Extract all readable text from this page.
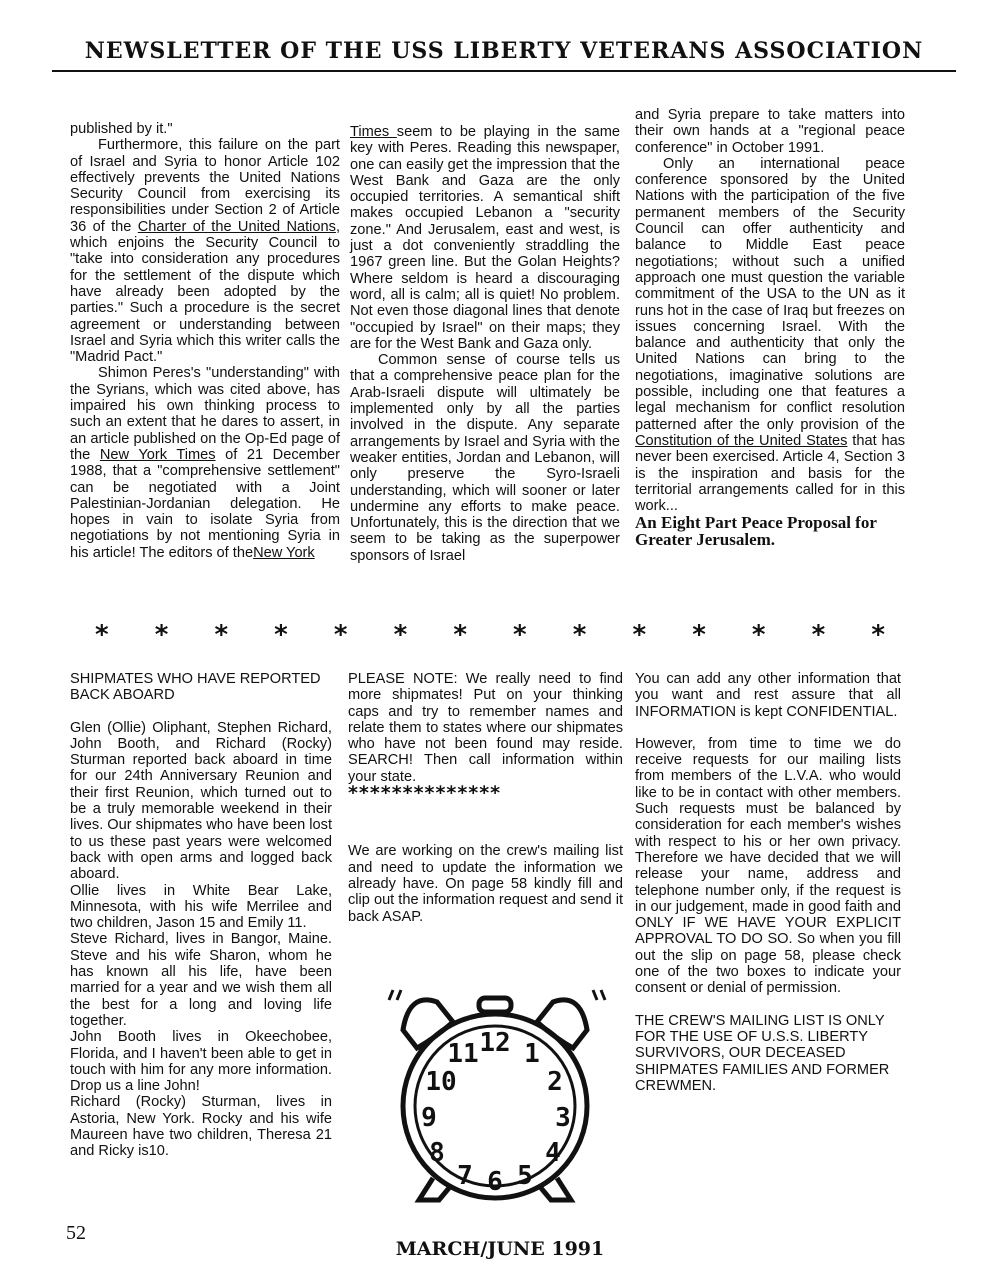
NEWSLETTER OF THE USS LIBERTY VETERANS ASSOCIATION

published by it."

Furthermore, this failure on the part of Israel and Syria to honor Article 102 effectively prevents the United Nations Security Council from exercising its responsibilities under Section 2 of Article 36 of the Charter of the United Nations, which enjoins the Security Council to "take into consideration any procedures for the settlement of the dispute which have already been adopted by the parties." Such a procedure is the secret agreement or understanding between Israel and Syria which this writer calls the "Madrid Pact."

Shimon Peres's "understanding" with the Syrians, which was cited above, has impaired his own thinking process to such an extent that he dares to assert, in an article published on the Op-Ed page of the New York Times of 21 December 1988, that a "comprehensive settlement" can be negotiated with a Joint Palestinian-Jordanian delegation. He hopes in vain to isolate Syria from negotiations by not mentioning Syria in his article! The editors of theNew York

Times seem to be playing in the same key with Peres. Reading this newspaper, one can easily get the impression that the West Bank and Gaza are the only occupied territories. A semantical shift makes occupied Lebanon a "security zone." And Jerusalem, east and west, is just a dot conveniently straddling the 1967 green line. But the Golan Heights? Where seldom is heard a discouraging word, all is calm; all is quiet! No problem. Not even those diagonal lines that denote "occupied by Israel" on their maps; they are for the West Bank and Gaza only.

Common sense of course tells us that a comprehensive peace plan for the Arab-Israeli dispute will ultimately be implemented only by all the parties involved in the dispute. Any separate arrangements by Israel and Syria with the weaker entities, Jordan and Lebanon, will only preserve the Syro-Israeli understanding, which will sooner or later undermine any efforts to make peace. Unfortunately, this is the direction that we seem to be taking as the superpower sponsors of Israel

and Syria prepare to take matters into their own hands at a "regional peace conference" in October 1991.

Only an international peace conference sponsored by the United Nations with the participation of the five permanent members of the Security Council can offer authenticity and balance to Middle East peace negotiations; without such a unified approach one must question the variable commitment of the USA to the UN as it runs hot in the case of Iraq but freezes on issues concerning Israel. With the balance and authenticity that only the United Nations can bring to the negotiations, imaginative solutions are possible, including one that features a legal mechanism for conflict resolution patterned after the only provision of the Constitution of the United States that has never been exercised. Article 4, Section 3 is the inspiration and basis for the territorial arrangements called for in this work...

An Eight Part Peace Proposal for Greater Jerusalem.

* * * * * * * * * * * * * *

SHIPMATES WHO HAVE REPORTED BACK ABOARD

Glen (Ollie) Oliphant, Stephen Richard, John Booth, and Richard (Rocky) Sturman reported back aboard in time for our 24th Anniversary Reunion and their first Reunion, which turned out to be a truly memorable weekend in their lives. Our shipmates who have been lost to us these past years were welcomed back with open arms and logged back aboard.

Ollie lives in White Bear Lake, Minnesota, with his wife Merrilee and two children, Jason 15 and Emily 11.

Steve Richard, lives in Bangor, Maine. Steve and his wife Sharon, whom he has known all his life, have been married for a year and we wish them all the best for a long and loving life together.

John Booth lives in Okeechobee, Florida, and I haven't been able to get in touch with him for any more information. Drop us a line John!

Richard (Rocky) Sturman, lives in Astoria, New York. Rocky and his wife Maureen have two children, Theresa 21 and Ricky is10.

PLEASE NOTE: We really need to find more shipmates! Put on your thinking caps and try to remember names and relate them to states where our shipmates who have not been found may reside. SEARCH! Then call information within your state.

**************

We are working on the crew's mailing list and need to update the information we already have. On page 58 kindly fill and clip out the information request and send it back ASAP.

You can add any other information that you want and rest assure that all INFORMATION is kept CONFIDENTIAL.

However, from time to time we do receive requests for our mailing lists from members of the L.V.A. who would like to be in contact with other members. Such requests must be balanced by consideration for each member's wishes with respect to his or her own privacy. Therefore we have decided that we will release your name, address and telephone number only, if the request is in our judgement, made in good faith and ONLY IF WE HAVE YOUR EXPLICIT APPROVAL TO DO SO. So when you fill out the slip on page 58, please check one of the two boxes to indicate your consent or denial of permission.

THE CREW'S MAILING LIST IS ONLY FOR THE USE OF U.S.S. LIBERTY SURVIVORS, OUR DECEASED SHIPMATES FAMILIES AND FORMER CREWMEN.

12 1
2
3
4
5
6
7
8
9
10
11
52
MARCH/JUNE 1991
